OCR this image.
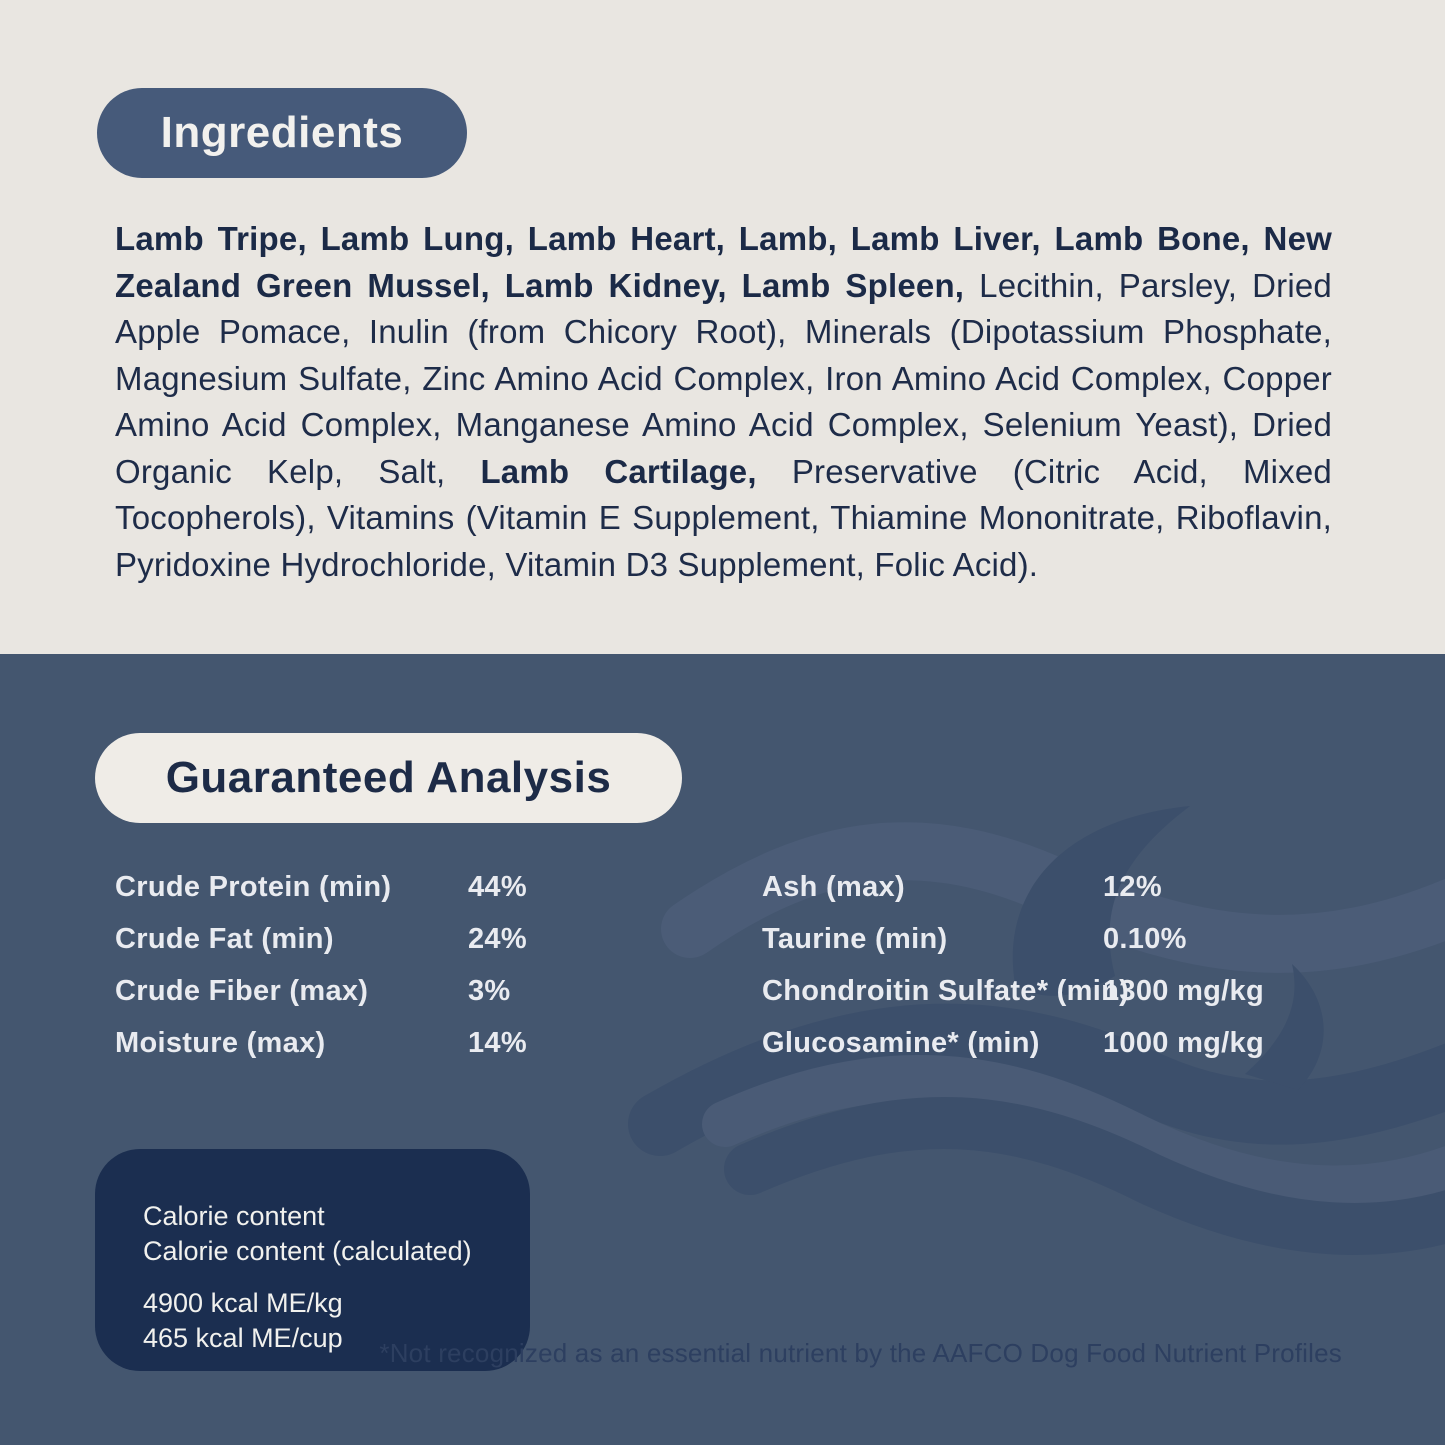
Ingredients

Lamb Tripe, Lamb Lung, Lamb Heart, Lamb, Lamb Liver, Lamb Bone, New Zealand Green Mussel, Lamb Kidney, Lamb Spleen, Lecithin, Parsley, Dried Apple Pomace, Inulin (from Chicory Root), Minerals (Dipotassium Phosphate, Magnesium Sulfate, Zinc Amino Acid Complex, Iron Amino Acid Complex, Copper Amino Acid Complex, Manganese Amino Acid Complex, Selenium Yeast), Dried Organic Kelp, Salt, Lamb Cartilage, Preservative (Citric Acid, Mixed Tocopherols), Vitamins (Vitamin E Supplement, Thiamine Mononitrate, Riboflavin, Pyridoxine Hydrochloride, Vitamin D3 Supplement, Folic Acid).

Guaranteed Analysis
Crude Protein (min)
Crude Fat (min)
Crude Fiber (max)
Moisture (max)
44%
24%
3%
14%
Ash (max)
Taurine (min)
Chondroitin Sulfate* (min)
Glucosamine* (min)
12%
0.10%
1300 mg/kg
1000 mg/kg

Calorie content
Calorie content (calculated)

4900 kcal ME/kg
465 kcal ME/cup	*Not recognized as an essential nutrient by the AAFCO Dog Food Nutrient Profiles
